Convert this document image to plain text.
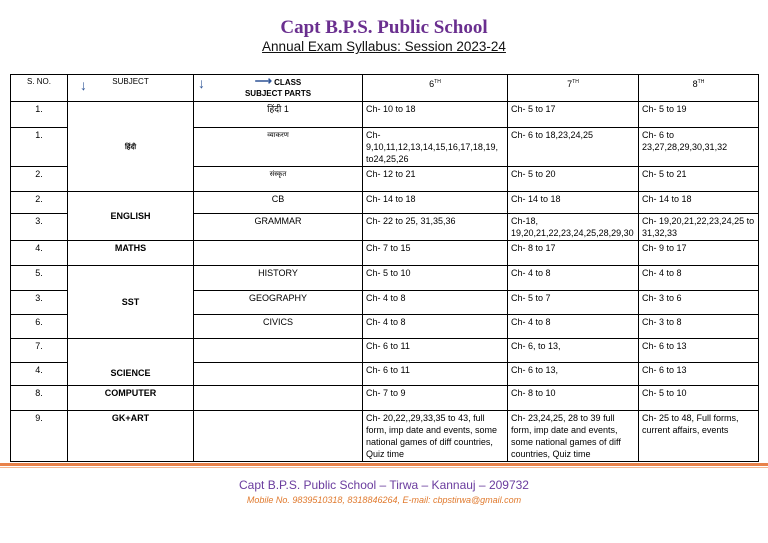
Capt B.P.S. Public School
Annual Exam Syllabus: Session 2023-24
S. NO.	↓ SUBJECT	↓ ⟶ CLASS
SUBJECT PARTS	6TH	7TH	8TH
1.	हिंदी	हिंदी 1	Ch- 10 to 18	Ch- 5 to 17	Ch- 5 to 19
1.		व्याकरण	Ch- 9,10,11,12,13,14,15,16,17,18,19, to24,25,26	Ch- 6 to 18,23,24,25	Ch- 6 to 23,27,28,29,30,31,32
2.		संस्कृत	Ch- 12 to 21	Ch- 5 to 20	Ch- 5 to 21
2.	ENGLISH	CB	Ch- 14 to 18	Ch- 14 to 18	Ch- 14 to 18
3.		GRAMMAR	Ch- 22 to 25, 31,35,36	Ch-18, 19,20,21,22,23,24,25,28,29,30	Ch- 19,20,21,22,23,24,25 to 31,32,33
4.	MATHS		Ch- 7 to 15	Ch- 8 to 17	Ch- 9 to 17
5.	SST	HISTORY	Ch- 5 to 10	Ch- 4 to 8	Ch- 4 to 8
3.		GEOGRAPHY	Ch- 4 to 8	Ch- 5 to 7	Ch- 3 to 6
6.		CIVICS	Ch- 4 to 8	Ch- 4 to 8	Ch- 3 to 8
7.	SCIENCE		Ch- 6 to 11	Ch- 6, to 13,	Ch- 6 to 13
4.			Ch- 6 to 11	Ch- 6 to 13,	Ch- 6 to 13
8.	COMPUTER		Ch- 7 to 9	Ch- 8 to 10	Ch- 5 to 10
9.	GK+ART		Ch- 20,22,,29,33,35 to 43, full form, imp date and events, some national games of diff countries, Quiz time	Ch- 23,24,25, 28 to 39 full form, imp date and events, some national games of diff countries, Quiz time	Ch- 25 to 48, Full forms, current affairs, events
Capt B.P.S. Public School – Tirwa – Kannauj – 209732
Mobile No. 9839510318, 8318846264, E-mail: cbpstirwa@gmail.com
